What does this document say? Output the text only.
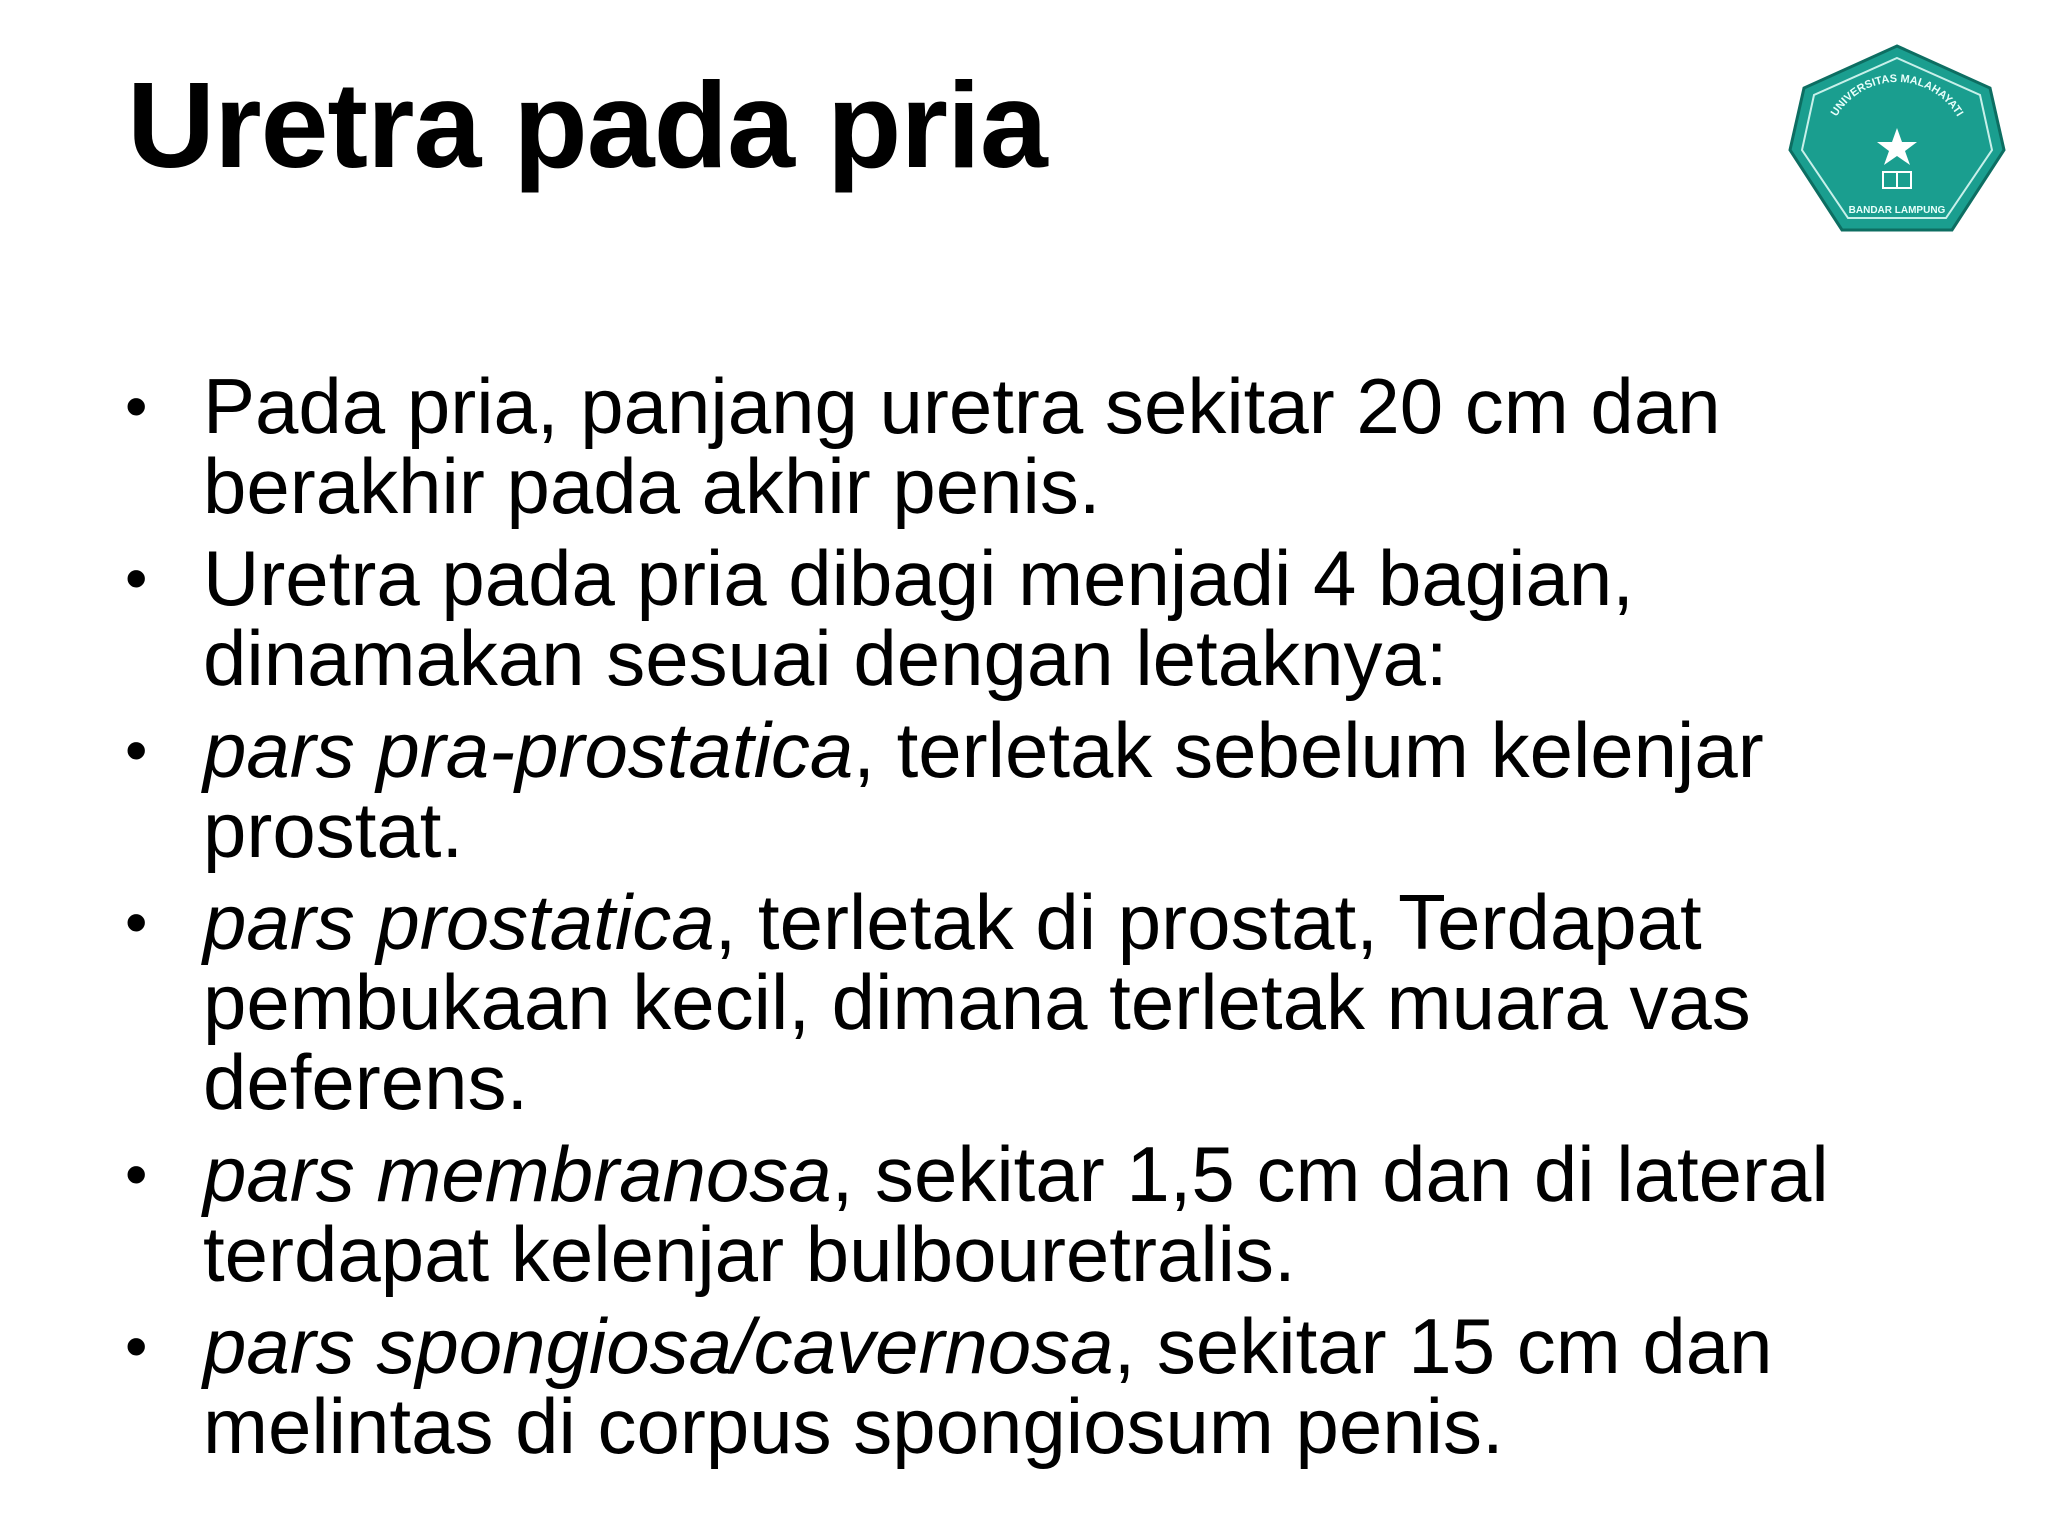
Uretra pada pria	UNIVERSITAS MALAHAYATI
BANDAR LAMPUNG
• Pada pria, panjang uretra sekitar 20 cm dan berakhir pada akhir penis.
• Uretra pada pria dibagi menjadi 4 bagian, dinamakan sesuai dengan letaknya:
• pars pra-prostatica, terletak sebelum kelenjar prostat.
• pars prostatica, terletak di prostat, Terdapat pembukaan kecil, dimana terletak muara vas deferens.
• pars membranosa, sekitar 1,5 cm dan di lateral terdapat kelenjar bulbouretralis.
• pars spongiosa/cavernosa, sekitar 15 cm dan melintas di corpus spongiosum penis.
